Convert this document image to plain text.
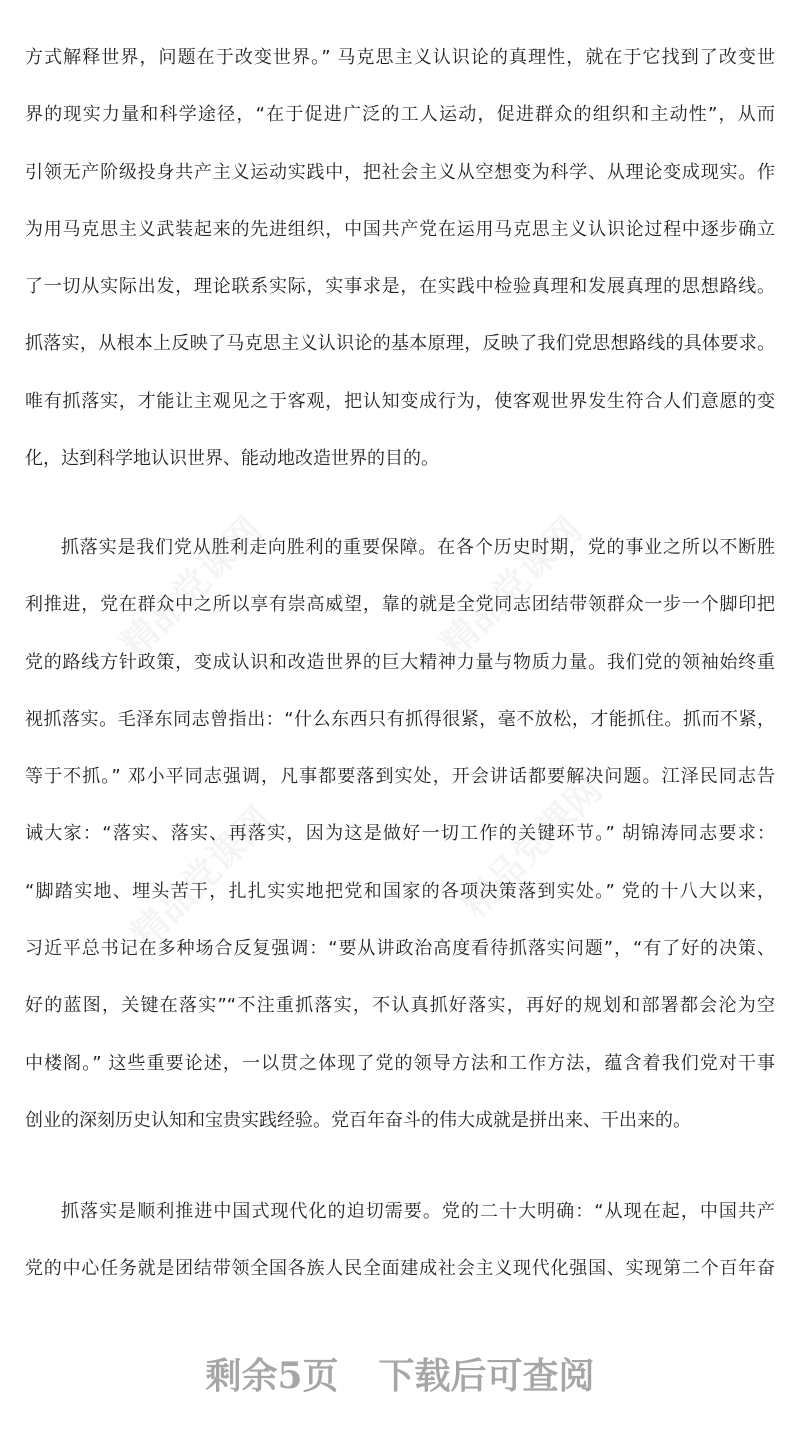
方式解释世界，问题在于改变世界。” 马克思主义认识论的真理性，就在于它找到了改变世
界的现实力量和科学途径，“在于促进广泛的工人运动，促进群众的组织和主动性”，从而
引领无产阶级投身共产主义运动实践中，把社会主义从空想变为科学、从理论变成现实。作
为用马克思主义武装起来的先进组织，中国共产党在运用马克思主义认识论过程中逐步确立
了一切从实际出发，理论联系实际，实事求是，在实践中检验真理和发展真理的思想路线。
抓落实，从根本上反映了马克思主义认识论的基本原理，反映了我们党思想路线的具体要求。
唯有抓落实，才能让主观见之于客观，把认知变成行为，使客观世界发生符合人们意愿的变
化，达到科学地认识世界、能动地改造世界的目的。
抓落实是我们党从胜利走向胜利的重要保障。在各个历史时期，党的事业之所以不断胜
利推进，党在群众中之所以享有崇高威望，靠的就是全党同志团结带领群众一步一个脚印把
党的路线方针政策，变成认识和改造世界的巨大精神力量与物质力量。我们党的领袖始终重
视抓落实。毛泽东同志曾指出：“什么东西只有抓得很紧，毫不放松，才能抓住。抓而不紧，
等于不抓。” 邓小平同志强调，凡事都要落到实处，开会讲话都要解决问题。江泽民同志告
诫大家：“落实、落实、再落实，因为这是做好一切工作的关键环节。” 胡锦涛同志要求：
“脚踏实地、埋头苦干，扎扎实实地把党和国家的各项决策落到实处。” 党的十八大以来，
习近平总书记在多种场合反复强调：“要从讲政治高度看待抓落实问题”，“有了好的决策、
好的蓝图，关键在落实”“不注重抓落实，不认真抓好落实，再好的规划和部署都会沦为空
中楼阁。” 这些重要论述，一以贯之体现了党的领导方法和工作方法，蕴含着我们党对干事
创业的深刻历史认知和宝贵实践经验。党百年奋斗的伟大成就是拼出来、干出来的。
抓落实是顺利推进中国式现代化的迫切需要。党的二十大明确：“从现在起，中国共产
党的中心任务就是团结带领全国各族人民全面建成社会主义现代化强国、实现第二个百年奋
剩余5页 下载后可查阅
